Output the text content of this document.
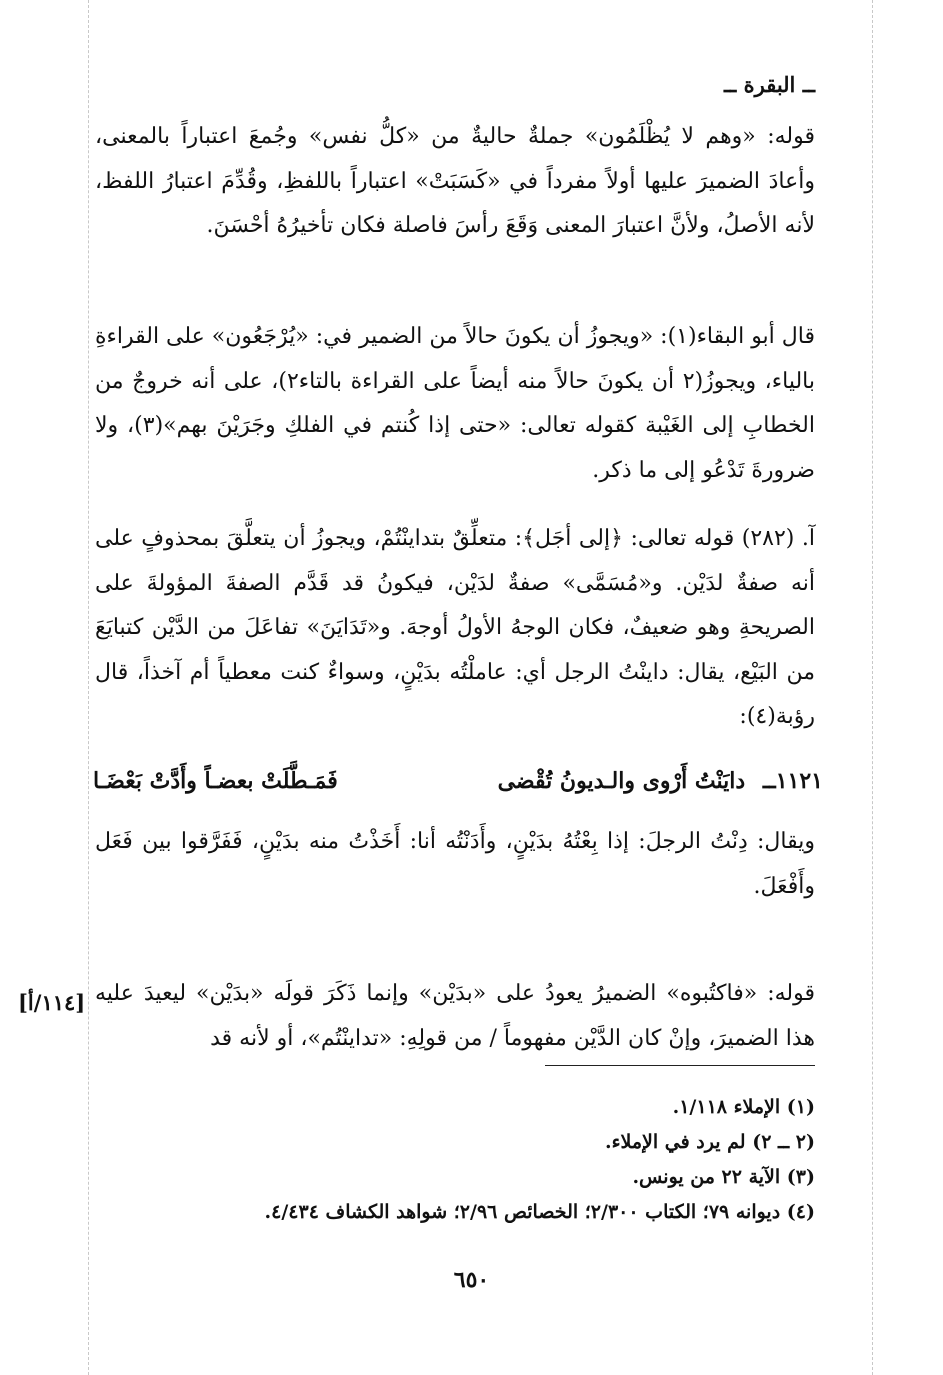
ــ البقرة ــ

قوله: «وهم لا يُظْلَمُون» جملةٌ حاليةٌ من «كلُّ نفس» وجُمعَ اعتباراً بالمعنى، وأعادَ الضميرَ عليها أولاً مفرداً في «كَسَبَتْ» اعتباراً باللفظِ، وقُدِّمَ اعتبارُ اللفظ، لأنه الأصلُ، ولأنَّ اعتبارَ المعنى وَقَعَ رأسَ فاصلة فكان تأخيرُهُ أحْسَنَ.

قال أبو البقاء(١): «ويجوزُ أن يكونَ حالاً من الضمير في: «يُرْجَعُون» على القراءةِ بالياء، ويجوزُ(٢ أن يكونَ حالاً منه أيضاً على القراءة بالتاء٢)، على أنه خروجٌ من الخطابِ إلى الغَيْبة كقوله تعالى: «حتى إذا كُنتم في الفلكِ وجَرَيْنَ بهم»(٣)، ولا ضرورةَ تَدْعُو إلى ما ذكر.

آ. (٢٨٢) قوله تعالى: ﴿إلى أجَل﴾: متعلِّقٌ بتداينْتُمْ، ويجوزُ أن يتعلَّقَ بمحذوفٍ على أنه صفةٌ لدَيْن. و«مُسَمَّى» صفةٌ لدَيْن، فيكونُ قد قَدَّم الصفةَ المؤولةَ على الصريحةِ وهو ضعيفٌ، فكان الوجهُ الأولُ أوجهَ. و«تَدَايَنَ» تفاعَلَ من الدَّيْن كتبايَعَ من البَيْع، يقال: داينْتُ الرجل أي: عاملْتُه بدَيْنٍ، وسواءٌ كنت معطياً أم آخذاً، قال رؤبة(٤):

١١٢١ــ دايَنْتُ أَرْوى والـديونُ تُقْضى
فَمَـطَّلَتْ بعضـاً وأَدَّتْ بَعْضَـا

ويقال: دِنْتُ الرجلَ: إذا بِعْتُهُ بدَيْنٍ، وأَدَنْتُه أنا: أَخَذْتُ منه بدَيْنٍ، فَفَرَّقوا بين فَعَل وأَفْعَلَ.

قوله: «فاكتُبوه» الضميرُ يعودُ على «بدَيْن» وإنما ذَكَرَ قولَه «بدَيْن» ليعيدَ عليه هذا الضميرَ، وإنْ كان الدَّيْن مفهوماً / من قولِهِ: «تداينْتُم»، أو لأنه قد

(١) الإملاء ١/١١٨.
(٢ ــ ٢) لم يرد في الإملاء.
(٣) الآية ٢٢ من يونس.
(٤) ديوانه ٧٩؛ الكتاب ٢/٣٠٠؛ الخصائص ٢/٩٦؛ شواهد الكشاف ٤/٤٣٤.
[١١٤/أ]
٦٥٠
